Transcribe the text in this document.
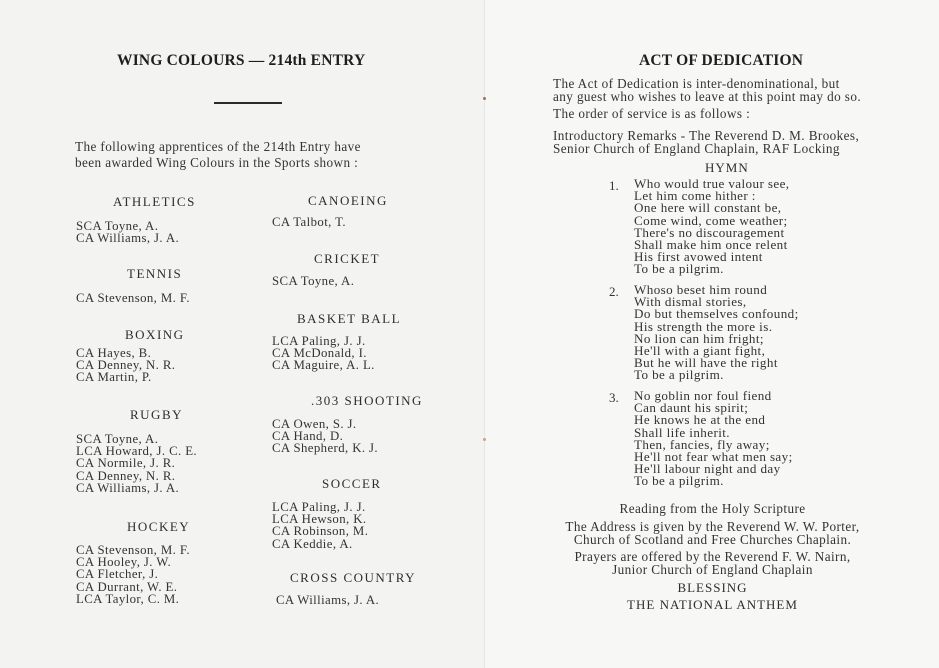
WING COLOURS — 214th ENTRY
The following apprentices of the 214th Entry have
been awarded Wing Colours in the Sports shown :
ATHLETICS
SCA Toyne, A.
CA Williams, J. A.
TENNIS
CA Stevenson, M. F.
BOXING
CA Hayes, B.
CA Denney, N. R.
CA Martin, P.
RUGBY
SCA Toyne, A.
LCA Howard, J. C. E.
CA Normile, J. R.
CA Denney, N. R.
CA Williams, J. A.
HOCKEY
CA Stevenson, M. F.
CA Hooley, J. W.
CA Fletcher, J.
CA Durrant, W. E.
LCA Taylor, C. M.
CANOEING
CA Talbot, T.
CRICKET
SCA Toyne, A.
BASKET BALL
LCA Paling, J. J.
CA McDonald, I.
CA Maguire, A. L.
.303 SHOOTING
CA Owen, S. J.
CA Hand, D.
CA Shepherd, K. J.
SOCCER
LCA Paling, J. J.
LCA Hewson, K.
CA Robinson, M.
CA Keddie, A.
CROSS COUNTRY
CA Williams, J. A.
ACT OF DEDICATION
The Act of Dedication is inter-denominational, but
any guest who wishes to leave at this point may do so.
The order of service is as follows :
Introductory Remarks - The Reverend D. M. Brookes,
Senior Church of England Chaplain, RAF Locking
HYMN
1. Who would true valour see,
Let him come hither :
One here will constant be,
Come wind, come weather;
There's no discouragement
Shall make him once relent
His first avowed intent
To be a pilgrim.
2. Whoso beset him round
With dismal stories,
Do but themselves confound;
His strength the more is.
No lion can him fright;
He'll with a giant fight,
But he will have the right
To be a pilgrim.
3. No goblin nor foul fiend
Can daunt his spirit;
He knows he at the end
Shall life inherit.
Then, fancies, fly away;
He'll not fear what men say;
He'll labour night and day
To be a pilgrim.
Reading from the Holy Scripture
The Address is given by the Reverend W. W. Porter,
Church of Scotland and Free Churches Chaplain.
Prayers are offered by the Reverend F. W. Nairn,
Junior Church of England Chaplain
BLESSING
THE NATIONAL ANTHEM
